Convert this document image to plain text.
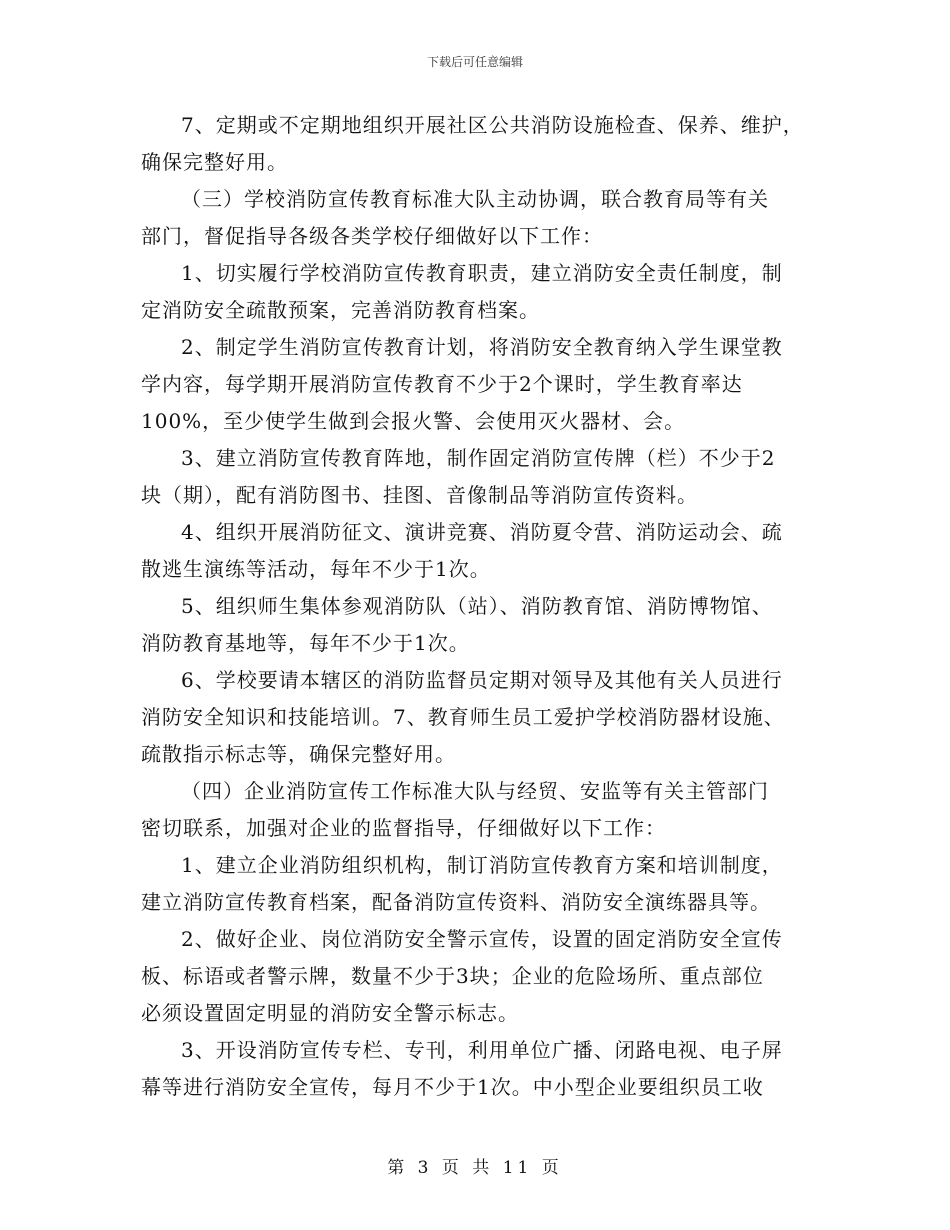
下载后可任意编辑

7、定期或不定期地组织开展社区公共消防设施检查、保养、维护，
确保完整好用。

（三）学校消防宣传教育标准大队主动协调，联合教育局等有关
部门，督促指导各级各类学校仔细做好以下工作：

1、切实履行学校消防宣传教育职责，建立消防安全责任制度，制
定消防安全疏散预案，完善消防教育档案。

2、制定学生消防宣传教育计划，将消防安全教育纳入学生课堂教
学内容，每学期开展消防宣传教育不少于2个课时，学生教育率达
100%，至少使学生做到会报火警、会使用灭火器材、会。

3、建立消防宣传教育阵地，制作固定消防宣传牌（栏）不少于2
块（期），配有消防图书、挂图、音像制品等消防宣传资料。

4、组织开展消防征文、演讲竞赛、消防夏令营、消防运动会、疏
散逃生演练等活动，每年不少于1次。

5、组织师生集体参观消防队（站）、消防教育馆、消防博物馆、
消防教育基地等，每年不少于1次。

6、学校要请本辖区的消防监督员定期对领导及其他有关人员进行
消防安全知识和技能培训。7、教育师生员工爱护学校消防器材设施、
疏散指示标志等，确保完整好用。

（四）企业消防宣传工作标准大队与经贸、安监等有关主管部门
密切联系，加强对企业的监督指导，仔细做好以下工作：

1、建立企业消防组织机构，制订消防宣传教育方案和培训制度，
建立消防宣传教育档案，配备消防宣传资料、消防安全演练器具等。

2、做好企业、岗位消防安全警示宣传，设置的固定消防安全宣传
板、标语或者警示牌，数量不少于3块；企业的危险场所、重点部位
必须设置固定明显的消防安全警示标志。

3、开设消防宣传专栏、专刊，利用单位广播、闭路电视、电子屏
幕等进行消防安全宣传，每月不少于1次。中小型企业要组织员工收

第 3 页 共 11 页
